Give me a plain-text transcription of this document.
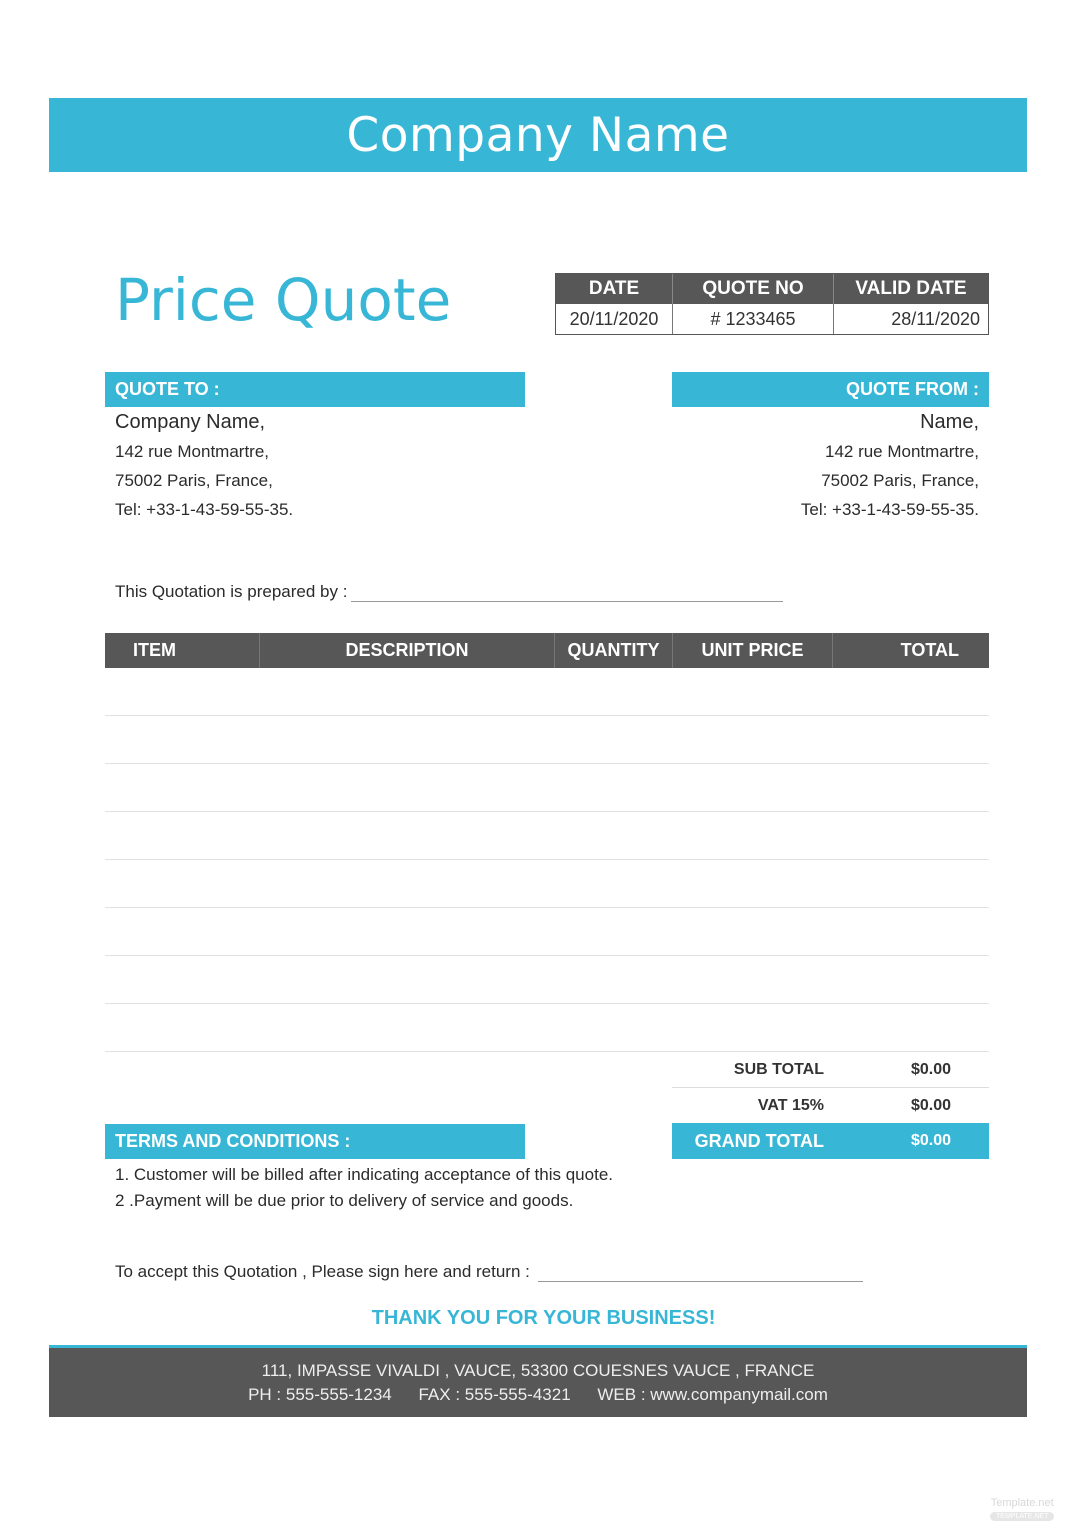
Company Name
Price Quote	DATE	QUOTE NO	VALID DATE
20/11/2020	# 1233465	28/11/2020
QUOTE TO :	QUOTE FROM :
Company Name,
142 rue Montmartre,
75002 Paris, France,
Tel: +33-1-43-59-55-35.
Name,
142 rue Montmartre,
75002 Paris, France,
Tel: +33-1-43-59-55-35.
This Quotation is prepared by :
ITEM	DESCRIPTION	QUANTITY	UNIT PRICE	TOTAL
SUB TOTAL	$0.00
VAT 15%	$0.00
GRAND TOTAL	$0.00
TERMS AND CONDITIONS :
1. Customer will be billed after indicating acceptance of this quote.
2 .Payment will be due prior to delivery of service and goods.
To accept this Quotation , Please sign here and return :
THANK YOU FOR YOUR BUSINESS!
111, IMPASSE VIVALDI , VAUCE, 53300 COUESNES VAUCE , FRANCE
PH : 555-555-1234 FAX : 555-555-4321 WEB : www.companymail.com
Template.net
TEMPLATE.NET
